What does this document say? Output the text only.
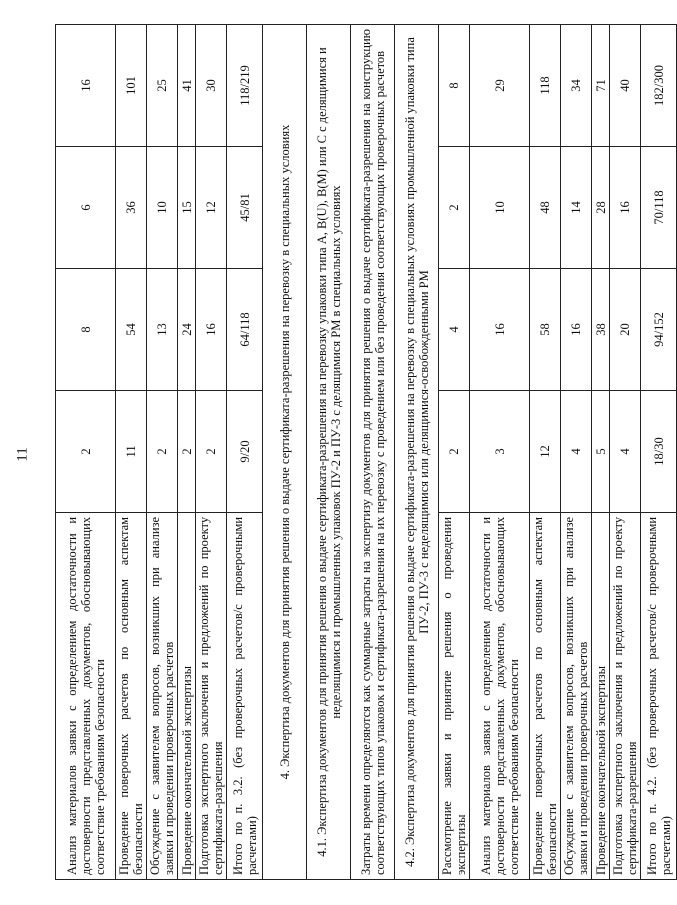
11
Анализ материалов заявки с определением достаточности и достоверности представленных документов, обосновывающих соответствие требованиям безопасности	2	8	6	16
Проведение поверочных расчетов по основным аспектам безопасности	11	54	36	101
Обсуждение с заявителем вопросов, возникших при анализе заявки и проведении проверочных расчетов	2	13	10	25
Проведение окончательной экспертизы	2	24	15	41
Подготовка экспертного заключения и предложений по проекту сертификата-разрешения	2	16	12	30
Итого по п. 3.2. (без проверочных расчетов/с проверочными расчетами)	9/20	64/118	45/81	118/219
4. Экспертиза документов для принятия решения о выдаче сертификата-разрешения на перевозку в специальных условиях				
4.1. Экспертиза документов для принятия решения о выдаче сертификата-разрешения на перевозку упаковки типа A, B(U), B(M) или C с делящимися и неделящимися и промышленных упаковок ПУ-2 и ПУ-3 с делящимися РМ в специальных условиях				
Затраты времени определяются как суммарные затраты на экспертизу документов для принятия решения о выдаче сертификата-разрешения на конструкцию соответствующих типов упаковок и сертификата-разрешения на их перевозку с проведением или без проведения соответствующих проверочных расчетов				
4.2. Экспертиза документов для принятия решения о выдаче сертификата-разрешения на перевозку в специальных условиях промышленной упаковки типа ПУ-2, ПУ-3 с неделящимися или делящимися-освобожденными РМ				
Рассмотрение заявки и принятие решения о проведении экспертизы	2	4	2	8
Анализ материалов заявки с определением достаточности и достоверности представленных документов, обосновывающих соответствие требованиям безопасности	3	16	10	29
Проведение поверочных расчетов по основным аспектам безопасности	12	58	48	118
Обсуждение с заявителем вопросов, возникших при анализе заявки и проведении проверочных расчетов	4	16	14	34
Проведение окончательной экспертизы	5	38	28	71
Подготовка экспертного заключения и предложений по проекту сертификата-разрешения	4	20	16	40
Итого по п. 4.2. (без проверочных расчетов/с проверочными расчетами)	18/30	94/152	70/118	182/300
